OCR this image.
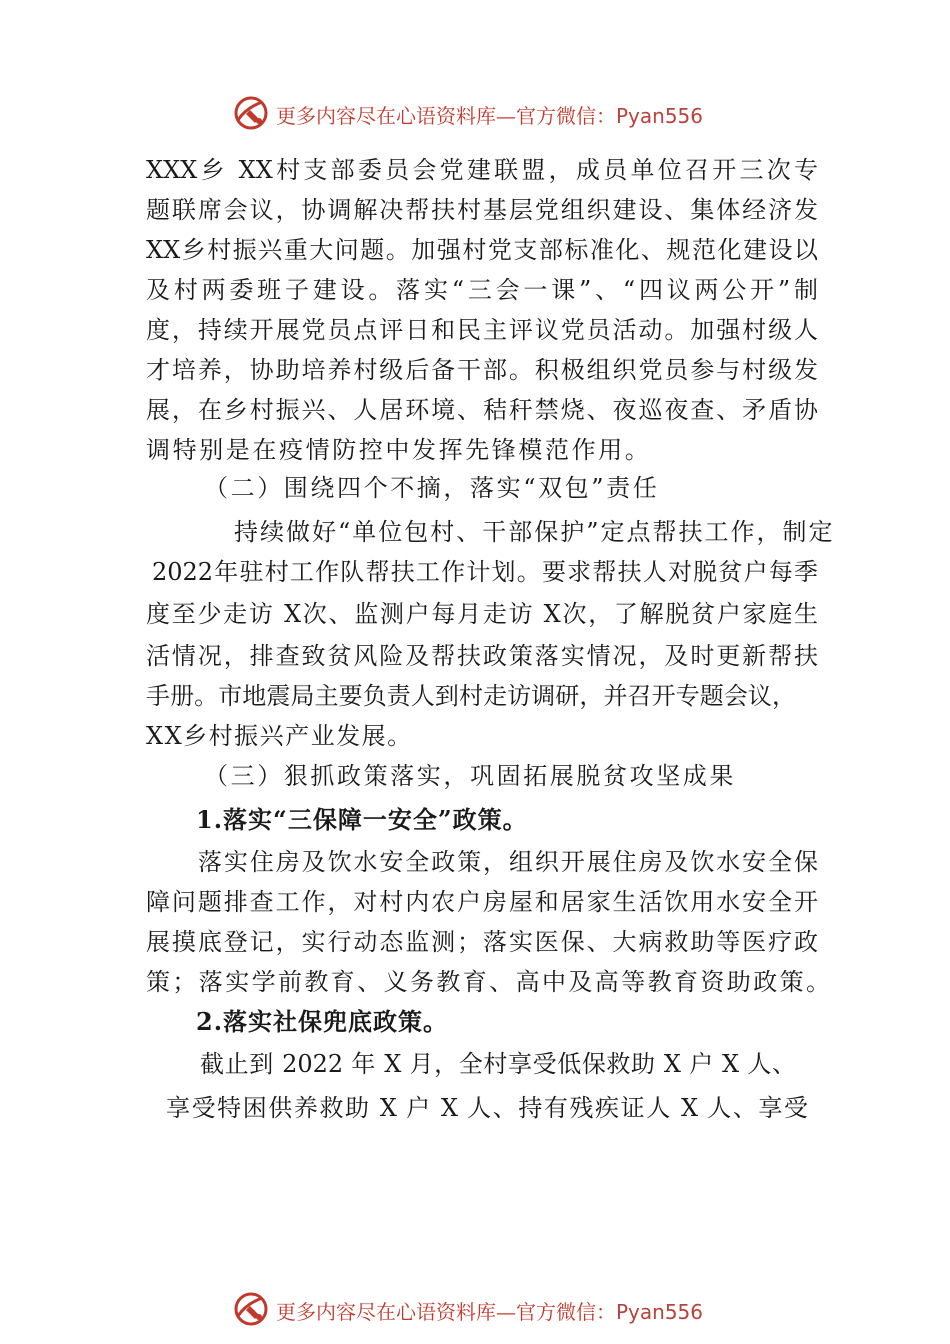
更多内容尽在心语资料库—官方微信：Pyan556
XXX乡 XX村支部委员会党建联盟，成员单位召开三次专
题联席会议，协调解决帮扶村基层党组织建设、集体经济发
XX乡村振兴重大问题。加强村党支部标准化、规范化建设以
及村两委班子建设。落实“三会一课”、“四议两公开”制
度，持续开展党员点评日和民主评议党员活动。加强村级人
才培养，协助培养村级后备干部。积极组织党员参与村级发
展，在乡村振兴、人居环境、秸秆禁烧、夜巡夜查、矛盾协
调特别是在疫情防控中发挥先锋模范作用。
（二）围绕四个不摘，落实“双包”责任
持续做好“单位包村、干部保护”定点帮扶工作，制定
2022年驻村工作队帮扶工作计划。要求帮扶人对脱贫户每季
度至少走访 X次、监测户每月走访 X次，了解脱贫户家庭生
活情况，排查致贫风险及帮扶政策落实情况，及时更新帮扶
手册。市地震局主要负责人到村走访调研，并召开专题会议，
XX乡村振兴产业发展。
（三）狠抓政策落实，巩固拓展脱贫攻坚成果
1.落实“三保障一安全”政策。
落实住房及饮水安全政策，组织开展住房及饮水安全保
障问题排查工作，对村内农户房屋和居家生活饮用水安全开
展摸底登记，实行动态监测；落实医保、大病救助等医疗政
策；落实学前教育、义务教育、高中及高等教育资助政策。
2.落实社保兜底政策。
截止到 2022 年 X 月，全村享受低保救助 X 户 X 人、
享受特困供养救助 X 户 X 人、持有残疾证人 X 人、享受
更多内容尽在心语资料库—官方微信：Pyan556
